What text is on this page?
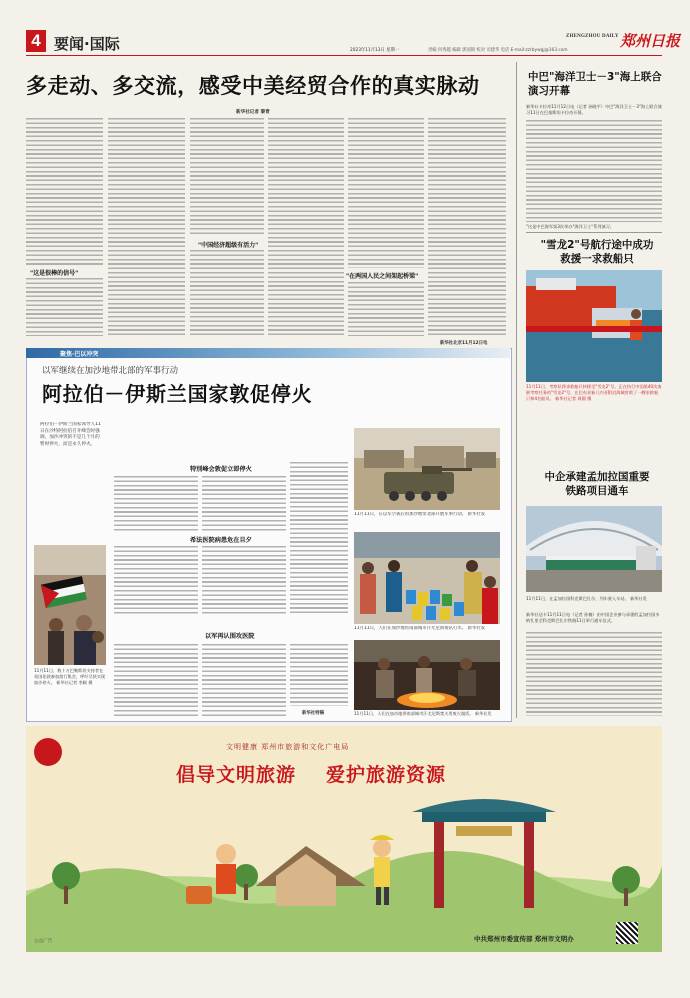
4 要闻·国际	ZHENGZHOU DAILY 郑州日报
2023年11月13日 星期一	责编 何秀越 编辑 郭国锦 校对 司建华 电话 E-mail:zzrbywgj@163.com
多走动、多交流，感受中美经贸合作的真实脉动
新华社记者 黎青
"这是很棒的信号"
"中国经济超级有活力"
"在两国人民之间架起桥梁"
新华社北京11月12日电
聚焦·巴以冲突
以军继续在加沙地带北部的军事行动
阿拉伯－伊斯兰国家敦促停火
阿拉伯－伊斯兰国家领导人11日在沙特阿拉伯召开峰会时强调，加沙冲突的不是几个月的暂时停火，而是永久停火。
11月11日，数十万巴勒斯坦支持者在英国伦敦参加游行集会，呼吁尽快实现加沙停火。 新华社记者 李颖 摄
特別峰会敦促立即停火
希法医院病患危在旦夕
以军再认围攻医院
新华社特稿
11月11日，在以军空袭后的加沙地带北部开展军事行动。 新华社发
11月11日，人们在加沙地带南部城市汗尤尼斯排队打水。 新华社发
11月11日，人们在加沙地带南部城市汗尤尼斯焚火用废火做饭。 新华社发
中巴"海洋卫士－3"海上联合演习开幕
新华社卡拉奇11月12日电（记者 孙晓平）中巴"海洋卫士－3"海上联合演习11日在巴基斯坦卡拉奇开幕。
"这是中巴海军第3次举办"海洋卫士"系列演习。
"雪龙2"号航行途中成功救援一求救船只
11月11日，考察队将求救船只转移至"雪龙2"号。正在执行中国第40次南极考察任务的"雪龙2"号，在巴布亚新几内亚附近海域营救了一艘求救船只和4名船员。 新华社记者 周圆 摄
中企承建孟加拉国重要铁路项目通车
11月11日，在孟加拉国科克斯巴扎尔，列车驶入车站。 新华社发
新华社达卡11月11日电（记者 孙楠）由中国企业参与承建的孟加拉国多纳扎里至科克斯巴扎尔铁路11日举行通车仪式。
文明健康 郑州市旅游和文化广电局
倡导文明旅游 爱护旅游资源
公益广告	中共郑州市委宣传部 郑州市文明办
